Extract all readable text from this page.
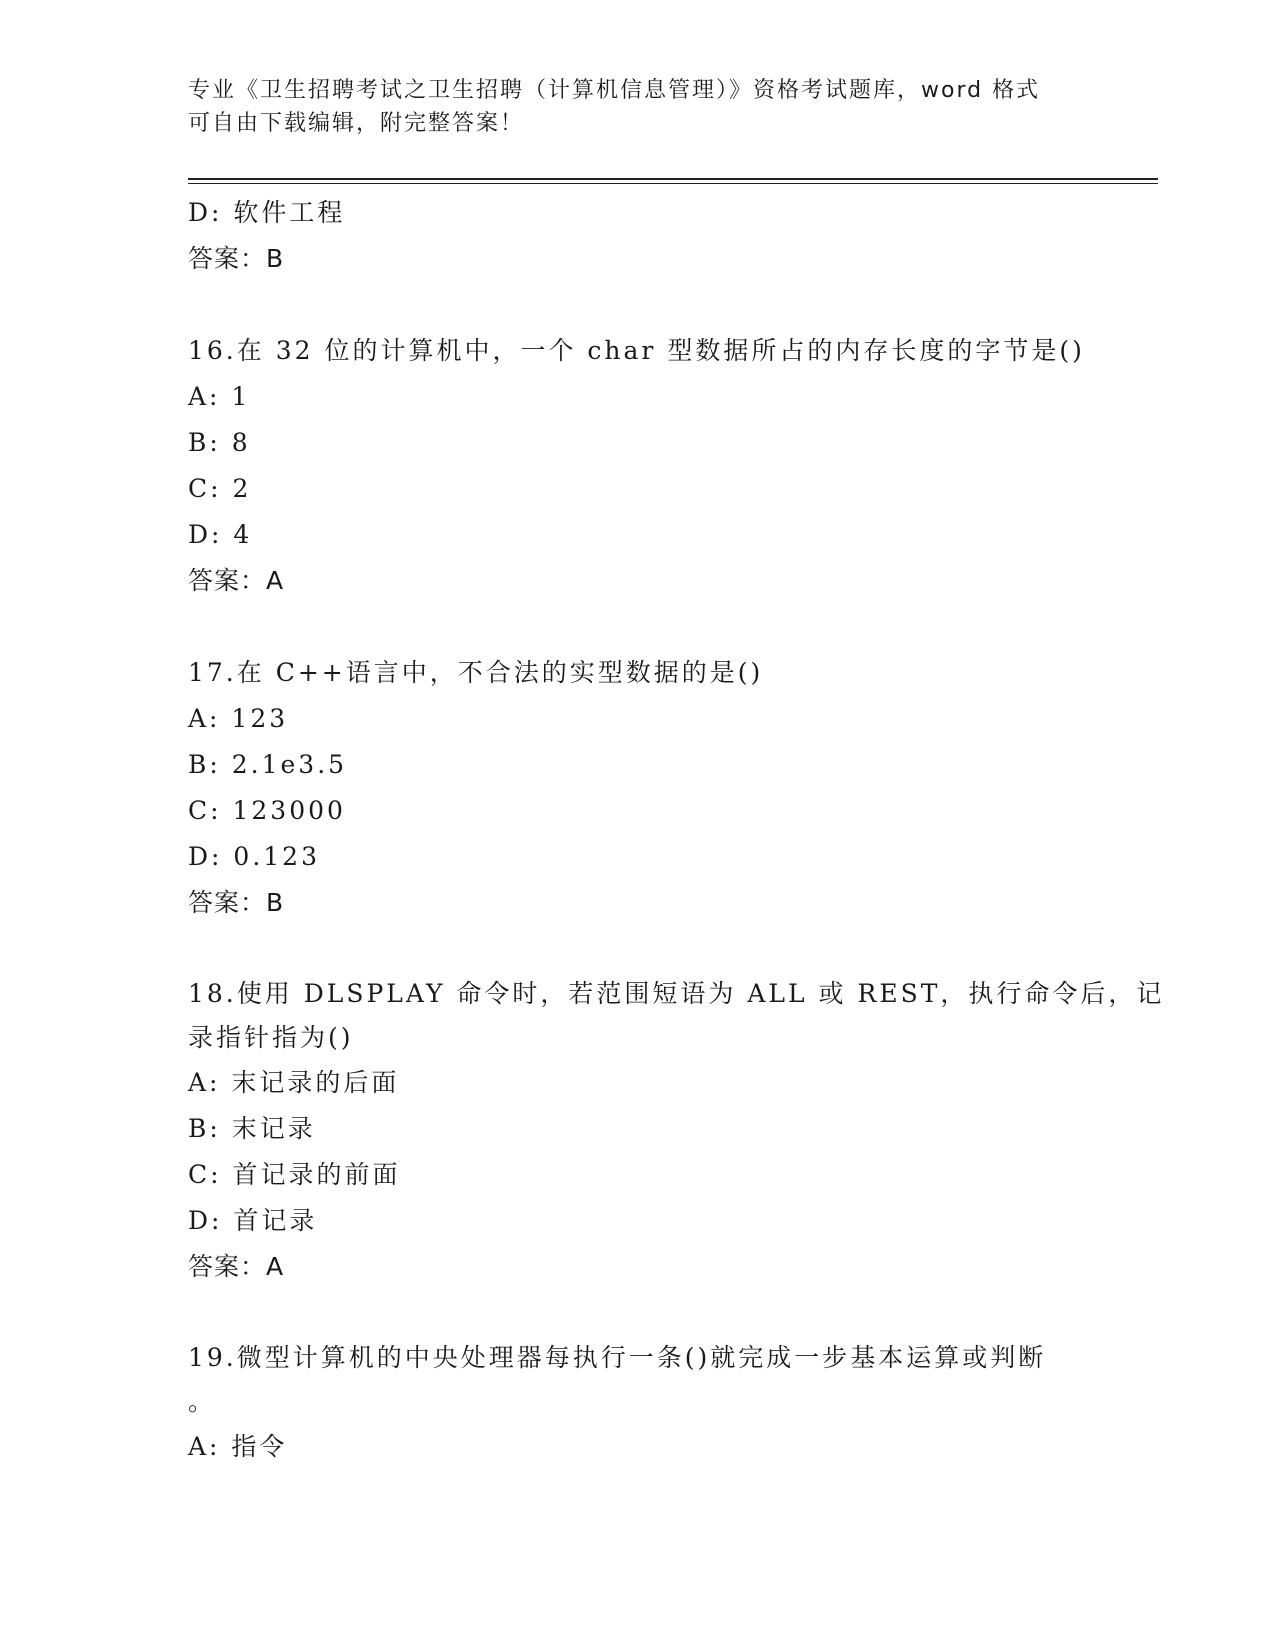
专业《卫生招聘考试之卫生招聘（计算机信息管理）》资格考试题库，word 格式
可自由下载编辑，附完整答案！
D: 软件工程
答案：B
16.在 32 位的计算机中，一个 char 型数据所占的内存长度的字节是()
A: 1
B: 8
C: 2
D: 4
答案：A
17.在 C++语言中，不合法的实型数据的是()
A: 123
B: 2.1e3.5
C: 123000
D: 0.123
答案：B
18.使用 DLSPLAY 命令时，若范围短语为 ALL 或 REST，执行命令后，记
录指针指为()
A: 末记录的后面
B: 末记录
C: 首记录的前面
D: 首记录
答案：A
19.微型计算机的中央处理器每执行一条()就完成一步基本运算或判断
。
A: 指令
